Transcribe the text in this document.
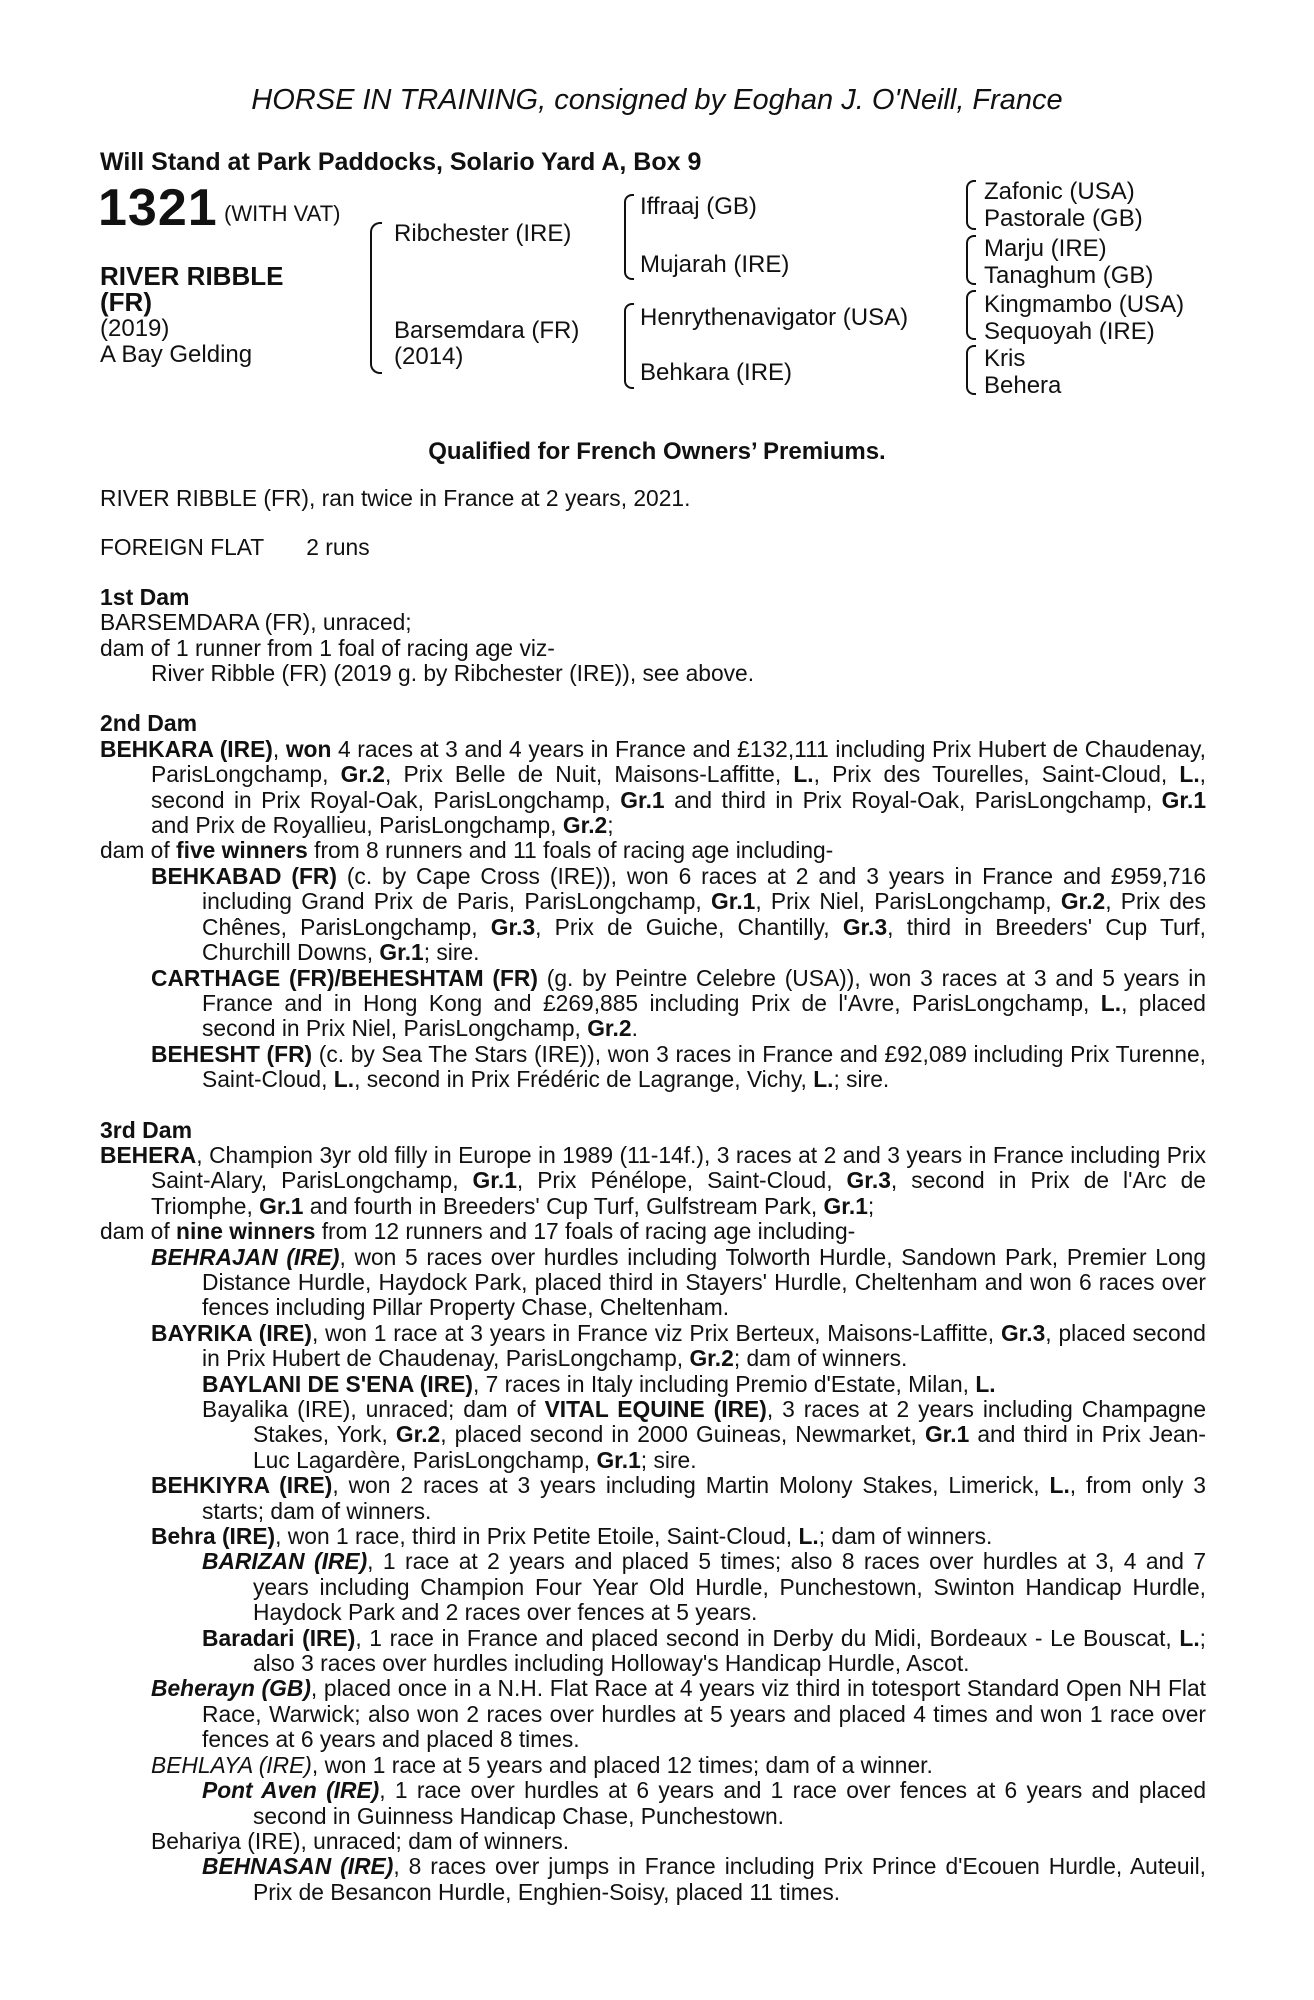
HORSE IN TRAINING, consigned by Eoghan J. O'Neill, France
Will Stand at Park Paddocks, Solario Yard A, Box 9
1321 (WITH VAT)
RIVER RIBBLE
(FR)
(2019)
A Bay Gelding
Ribchester (IRE)
Barsemdara (FR)
(2014)
Iffraaj (GB)
Mujarah (IRE)
Henrythenavigator (USA)
Behkara (IRE)
Zafonic (USA)
Pastorale (GB)
Marju (IRE)
Tanaghum (GB)
Kingmambo (USA)
Sequoyah (IRE)
Kris
Behera
Qualified for French Owners’ Premiums.

RIVER RIBBLE (FR), ran twice in France at 2 years, 2021.

FOREIGN FLAT 2 runs

1st Dam

BARSEMDARA (FR), unraced;

dam of 1 runner from 1 foal of racing age viz-

River Ribble (FR) (2019 g. by Ribchester (IRE)), see above.

2nd Dam

BEHKARA (IRE), won 4 races at 3 and 4 years in France and £132,111 including Prix Hubert de Chaudenay, ParisLongchamp, Gr.2, Prix Belle de Nuit, Maisons-Laffitte, L., Prix des Tourelles, Saint-Cloud, L., second in Prix Royal-Oak, ParisLongchamp, Gr.1 and third in Prix Royal-Oak, ParisLongchamp, Gr.1 and Prix de Royallieu, ParisLongchamp, Gr.2;

dam of five winners from 8 runners and 11 foals of racing age including-

BEHKABAD (FR) (c. by Cape Cross (IRE)), won 6 races at 2 and 3 years in France and £959,716 including Grand Prix de Paris, ParisLongchamp, Gr.1, Prix Niel, ParisLongchamp, Gr.2, Prix des Chênes, ParisLongchamp, Gr.3, Prix de Guiche, Chantilly, Gr.3, third in Breeders' Cup Turf, Churchill Downs, Gr.1; sire.

CARTHAGE (FR)/BEHESHTAM (FR) (g. by Peintre Celebre (USA)), won 3 races at 3 and 5 years in France and in Hong Kong and £269,885 including Prix de l'Avre, ParisLongchamp, L., placed second in Prix Niel, ParisLongchamp, Gr.2.

BEHESHT (FR) (c. by Sea The Stars (IRE)), won 3 races in France and £92,089 including Prix Turenne, Saint-Cloud, L., second in Prix Frédéric de Lagrange, Vichy, L.; sire.

3rd Dam

BEHERA, Champion 3yr old filly in Europe in 1989 (11-14f.), 3 races at 2 and 3 years in France including Prix Saint-Alary, ParisLongchamp, Gr.1, Prix Pénélope, Saint-Cloud, Gr.3, second in Prix de l'Arc de Triomphe, Gr.1 and fourth in Breeders' Cup Turf, Gulfstream Park, Gr.1;

dam of nine winners from 12 runners and 17 foals of racing age including-

BEHRAJAN (IRE), won 5 races over hurdles including Tolworth Hurdle, Sandown Park, Premier Long Distance Hurdle, Haydock Park, placed third in Stayers' Hurdle, Cheltenham and won 6 races over fences including Pillar Property Chase, Cheltenham.

BAYRIKA (IRE), won 1 race at 3 years in France viz Prix Berteux, Maisons-Laffitte, Gr.3, placed second in Prix Hubert de Chaudenay, ParisLongchamp, Gr.2; dam of winners.

BAYLANI DE S'ENA (IRE), 7 races in Italy including Premio d'Estate, Milan, L.

Bayalika (IRE), unraced; dam of VITAL EQUINE (IRE), 3 races at 2 years including Champagne Stakes, York, Gr.2, placed second in 2000 Guineas, Newmarket, Gr.1 and third in Prix Jean-Luc Lagardère, ParisLongchamp, Gr.1; sire.

BEHKIYRA (IRE), won 2 races at 3 years including Martin Molony Stakes, Limerick, L., from only 3 starts; dam of winners.

Behra (IRE), won 1 race, third in Prix Petite Etoile, Saint-Cloud, L.; dam of winners.

BARIZAN (IRE), 1 race at 2 years and placed 5 times; also 8 races over hurdles at 3, 4 and 7 years including Champion Four Year Old Hurdle, Punchestown, Swinton Handicap Hurdle, Haydock Park and 2 races over fences at 5 years.

Baradari (IRE), 1 race in France and placed second in Derby du Midi, Bordeaux - Le Bouscat, L.; also 3 races over hurdles including Holloway's Handicap Hurdle, Ascot.

Beherayn (GB), placed once in a N.H. Flat Race at 4 years viz third in totesport Standard Open NH Flat Race, Warwick; also won 2 races over hurdles at 5 years and placed 4 times and won 1 race over fences at 6 years and placed 8 times.

BEHLAYA (IRE), won 1 race at 5 years and placed 12 times; dam of a winner.

Pont Aven (IRE), 1 race over hurdles at 6 years and 1 race over fences at 6 years and placed second in Guinness Handicap Chase, Punchestown.

Behariya (IRE), unraced; dam of winners.

BEHNASAN (IRE), 8 races over jumps in France including Prix Prince d'Ecouen Hurdle, Auteuil, Prix de Besancon Hurdle, Enghien-Soisy, placed 11 times.
